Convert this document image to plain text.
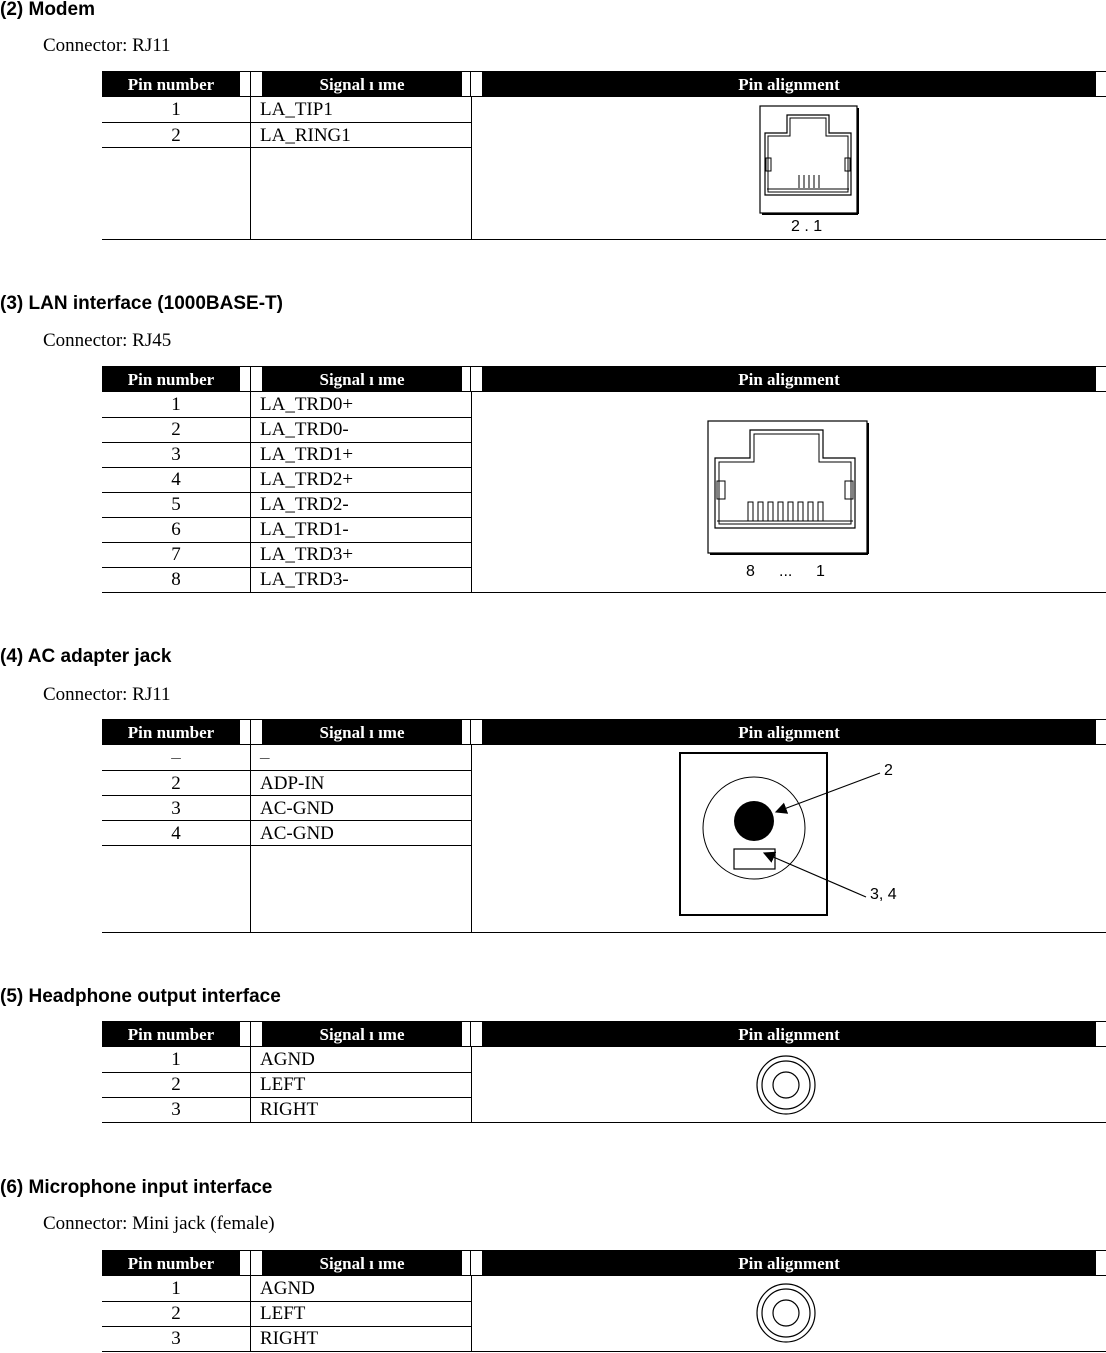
(2) Modem

Connector: RJ11

Pin number	Signal ı ıme	Pin alignment
1	LA_TIP1
2	LA_RING1
2 . 1
(3) LAN interface (1000BASE-T)

Connector: RJ45

Pin number	Signal ı ıme	Pin alignment
1	LA_TRD0+
2	LA_TRD0-
3	LA_TRD1+
4	LA_TRD2+
5	LA_TRD2-
6	LA_TRD1-
7	LA_TRD3+
8	LA_TRD3-	8 ... 1
(4) AC adapter jack

Connector: RJ11

Pin number	Signal ı ıme	Pin alignment
–	–
2	ADP-IN
3	AC-GND
4	AC-GND
2
3, 4
(5) Headphone output interface
Pin number	Signal ı ıme	Pin alignment
1	AGND
2	LEFT
3	RIGHT
(6) Microphone input interface

Connector: Mini jack (female)

Pin number	Signal ı ıme	Pin alignment
1	AGND
2	LEFT
3	RIGHT
